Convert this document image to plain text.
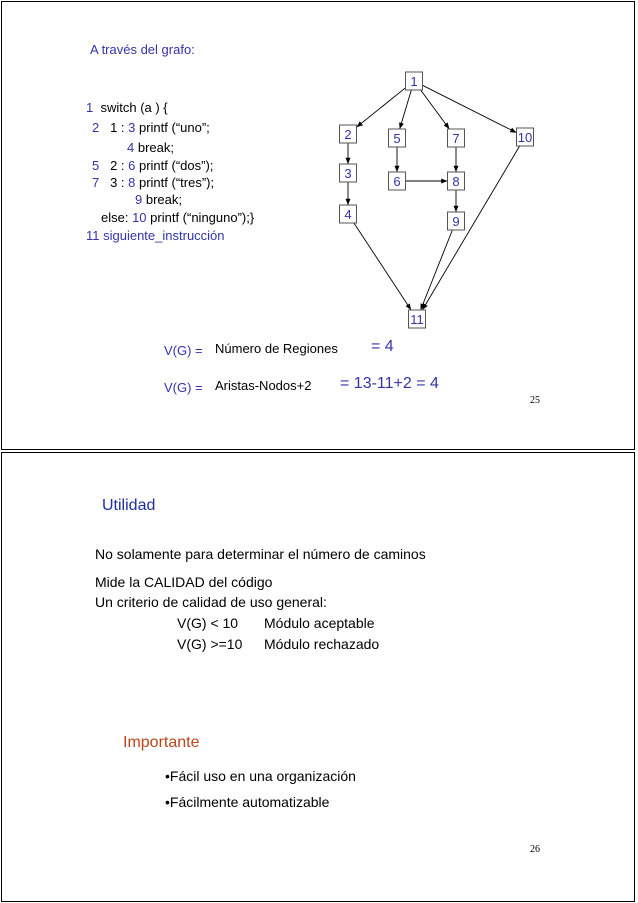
A través del grafo:
1  switch (a ) {
2   1 : 3 printf (“uno”;
4 break;
5   2 : 6 printf (“dos”);
7   3 : 8 printf (“tres”);
9 break;
else: 10 printf (“ninguno”);}
11 siguiente_instrucción
1
2
3
4
5
6
7
8
9
10
11
V(G) = Número de Regiones = 4
V(G) = Aristas-Nodos+2 = 13-11+2 = 4
25
Utilidad
No solamente para determinar el número de caminos
Mide la CALIDAD del código
Un criterio de calidad de uso general:
V(G) < 10 Módulo aceptable
V(G) >=10 Módulo rechazado
Importante
•Fácil uso en una organización
•Fácilmente automatizable
26
